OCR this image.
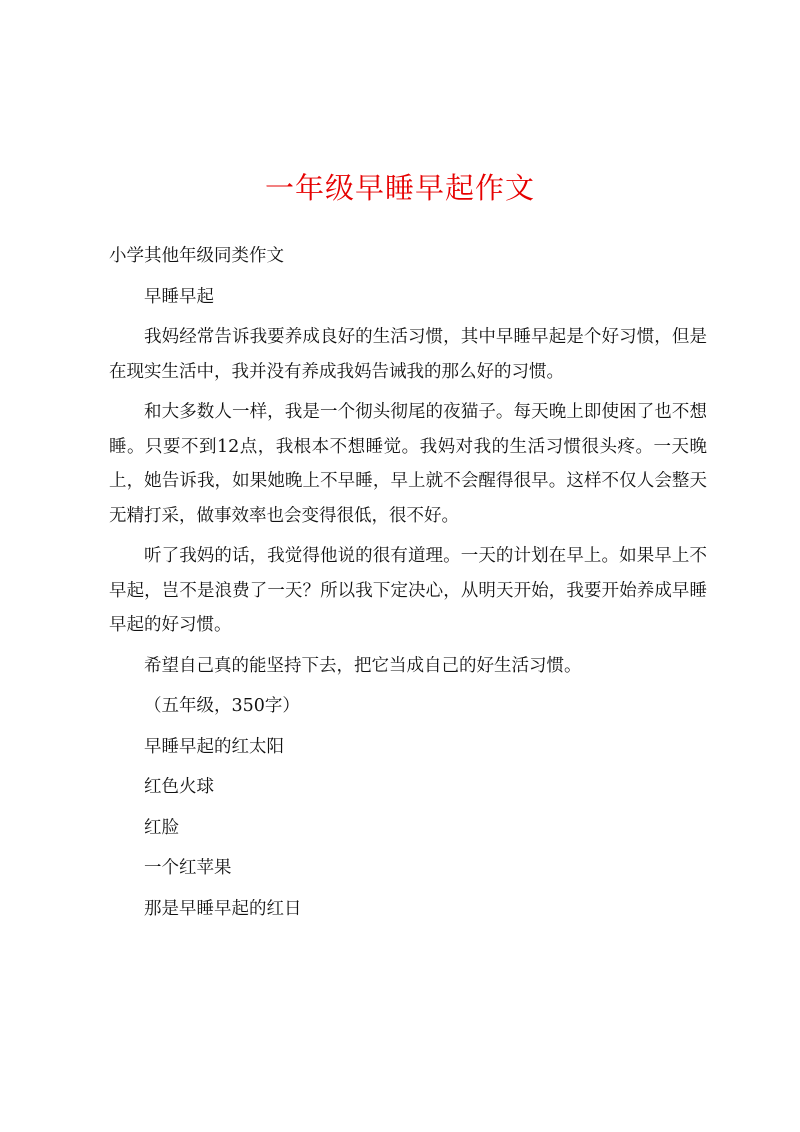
一年级早睡早起作文

小学其他年级同类作文

早睡早起

我妈经常告诉我要养成良好的生活习惯，其中早睡早起是个好习惯，但是在现实生活中，我并没有养成我妈告诫我的那么好的习惯。

和大多数人一样，我是一个彻头彻尾的夜猫子。每天晚上即使困了也不想睡。只要不到12点，我根本不想睡觉。我妈对我的生活习惯很头疼。一天晚上，她告诉我，如果她晚上不早睡，早上就不会醒得很早。这样不仅人会整天无精打采，做事效率也会变得很低，很不好。

听了我妈的话，我觉得他说的很有道理。一天的计划在早上。如果早上不早起，岂不是浪费了一天？所以我下定决心，从明天开始，我要开始养成早睡早起的好习惯。

希望自己真的能坚持下去，把它当成自己的好生活习惯。

（五年级，350字）

早睡早起的红太阳

红色火球

红脸

一个红苹果

那是早睡早起的红日
